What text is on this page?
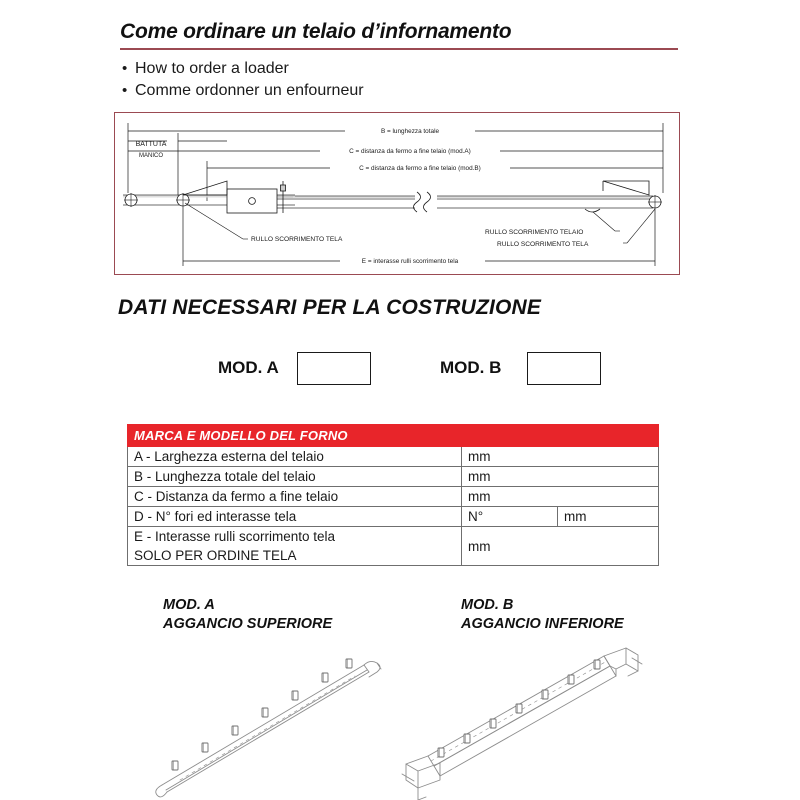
Come ordinare un telaio d’infornamento
• How to order a loader
• Comme ordonner un enfourneur
B = lunghezza totale
C = distanza da fermo a fine telaio (mod.A)
C = distanza da fermo a fine telaio (mod.B)
E = interasse rulli scorrimento tela
BATTUTA
MANICO
RULLO SCORRIMENTO TELA
RULLO SCORRIMENTO TELAIO
RULLO SCORRIMENTO TELA
DATI NECESSARI PER LA COSTRUZIONE
MOD. A	MOD. B
MARCA E MODELLO DEL FORNO		
A - Larghezza esterna del telaio	mm	
B - Lunghezza totale del telaio	mm	
C - Distanza da fermo a fine telaio	mm	
D - N° fori ed interasse tela	N°	mm
E - Interasse rulli scorrimento tela
SOLO PER ORDINE TELA	mm	
MOD. A
AGGANCIO SUPERIORE
MOD. B
AGGANCIO INFERIORE
